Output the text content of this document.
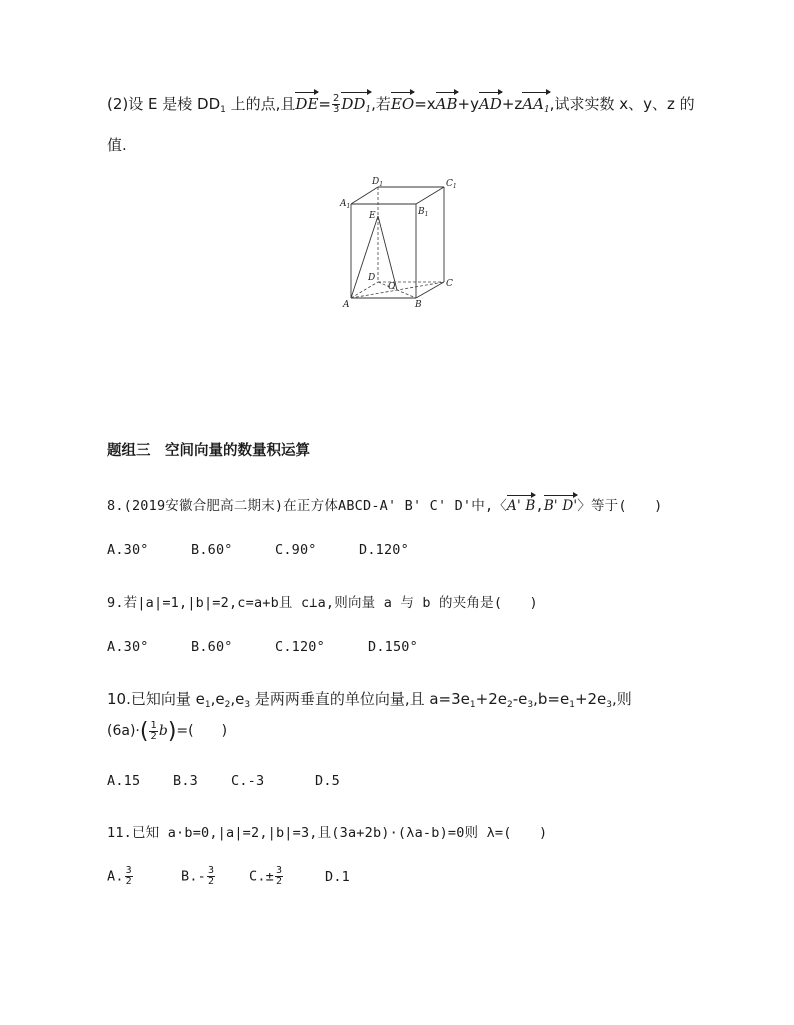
(2)设 E 是棱 $DD_1$ 上的点,且$DE= \frac{2}{3} DD_1$,若EO=xAB+yAD+zAA$_1$,试求实数 x、y、z 的
值.
$D_1$	$C_1$
$A_1$
$B_1$
E
D
O	C
A	B
题组三　空间向量的数量积运算
8.(2019安徽合肥高二期末)在正方体ABCD-A' B' C' D'中,〈A' B,B' D'〉等于(　　)
A.30°	B.60°	C.90°	D.120°
9.若|a|=1,|b|=2,c=a+b且 c⊥a,则向量 a 与 b 的夹角是(　　)
A.30°	B.60°	C.120°	D.150°
10.已知向量 $e_1,e_2,e_3$ 是两两垂直的单位向量,且 $a=3e_1+2e_2-e_3,b=e_1+2e_3$,则
$(6a)\cdot( \frac{1}{2} b)=$(　　)
A.15 B.3 C.-3	D.5
11.已知 a·b=0,|a|=2,|b|=3,且(3a+2b)·(λa-b)=0则 λ=(　　)
A. $\frac{3}{2}$	$B.- \frac{3}{2}$	$C.\pm \frac{3}{2}$	D.1
